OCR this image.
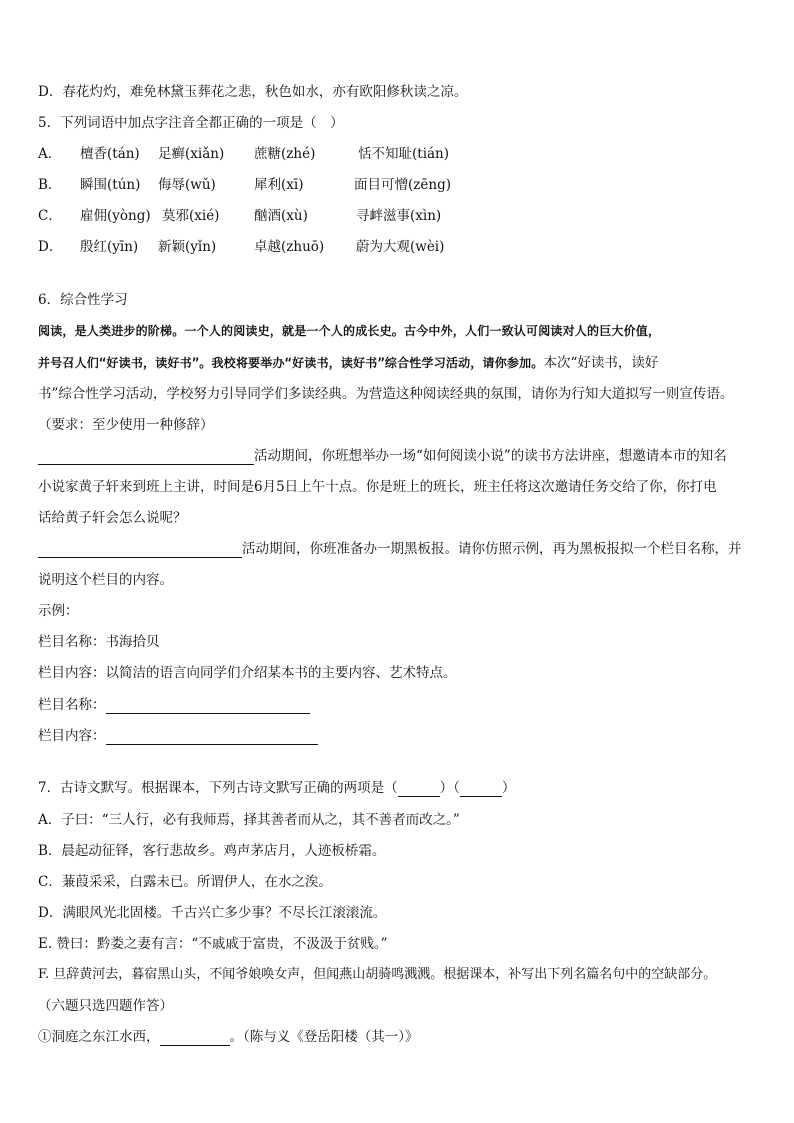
D．春花灼灼，难免林黛玉葬花之悲，秋色如水，亦有欧阳修秋读之凉。
5．下列词语中加点字注音全都正确的一项是（　）
A． 檀香(tán) 足癣(xiǎn) 蔗糖(zhé)	恬不知耻(tián)
B． 瞬围(tún) 侮辱(wǔ)	犀利(xī)	面目可憎(zēng)
C． 雇佣(yòng) 莫邪(xié)	酗酒(xù)	寻衅滋事(xìn)
D． 殷红(yīn) 新颖(yǐn)	卓越(zhuō) 蔚为大观(wèi)
6．综合性学习
阅读，是人类进步的阶梯。一个人的阅读史，就是一个人的成长史。古今中外，人们一致认可阅读对人的巨大价值，
并号召人们“好读书，读好书”。我校将要举办“好读书，读好书”综合性学习活动，请你参加。本次“好读书，读好
书”综合性学习活动，学校努力引导同学们多读经典。为营造这种阅读经典的氛围，请你为行知大道拟写一则宣传语。
（要求：至少使用一种修辞）
活动期间，你班想举办一场“如何阅读小说”的读书方法讲座，想邀请本市的知名
小说家黄子轩来到班上主讲，时间是6月5日上午十点。你是班上的班长，班主任将这次邀请任务交给了你，你打电
话给黄子轩会怎么说呢？
活动期间，你班准备办一期黑板报。请你仿照示例，再为黑板报拟一个栏目名称，并
说明这个栏目的内容。
示例：
栏目名称：书海拾贝
栏目内容：以简洁的语言向同学们介绍某本书的主要内容、艺术特点。
栏目名称：
栏目内容：
7．古诗文默写。根据课本，下列古诗文默写正确的两项是（	）（	）
A．子曰：“三人行，必有我师焉，择其善者而从之，其不善者而改之。”
B．晨起动征铎，客行悲故乡。鸡声茅店月，人迹板桥霜。
C．蒹葭采采，白露未已。所谓伊人，在水之涘。
D．满眼风光北固楼。千古兴亡多少事？不尽长江滚滚流。
E. 赞曰：黔娄之妻有言：“不戚戚于富贵，不汲汲于贫贱。”
F. 旦辞黄河去，暮宿黑山头，不闻爷娘唤女声，但闻燕山胡骑鸣溅溅。根据课本，补写出下列名篇名句中的空缺部分。
（六题只选四题作答）
①洞庭之东江水西，	。（陈与义《登岳阳楼（其一）》
